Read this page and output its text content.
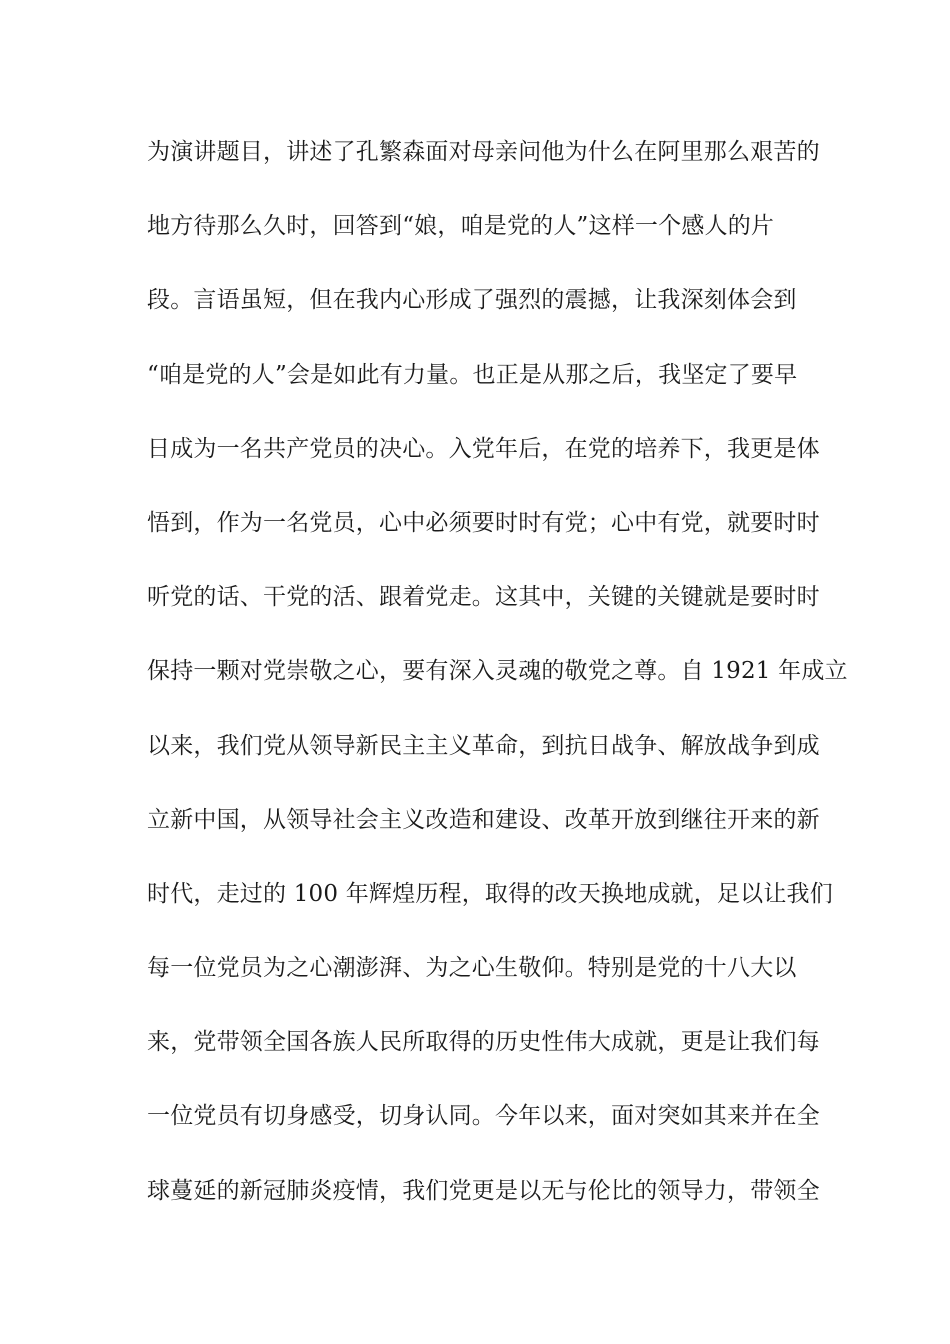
为演讲题目，讲述了孔繁森面对母亲问他为什么在阿里那么艰苦的
地方待那么久时，回答到“娘，咱是党的人”这样一个感人的片
段。言语虽短，但在我内心形成了强烈的震撼，让我深刻体会到
“咱是党的人”会是如此有力量。也正是从那之后，我坚定了要早
日成为一名共产党员的决心。入党年后，在党的培养下，我更是体
悟到，作为一名党员，心中必须要时时有党；心中有党，就要时时
听党的话、干党的活、跟着党走。这其中，关键的关键就是要时时
保持一颗对党崇敬之心，要有深入灵魂的敬党之尊。自 1921 年成立
以来，我们党从领导新民主主义革命，到抗日战争、解放战争到成
立新中国，从领导社会主义改造和建设、改革开放到继往开来的新
时代，走过的 100 年辉煌历程，取得的改天换地成就，足以让我们
每一位党员为之心潮澎湃、为之心生敬仰。特别是党的十八大以
来，党带领全国各族人民所取得的历史性伟大成就，更是让我们每
一位党员有切身感受，切身认同。今年以来，面对突如其来并在全
球蔓延的新冠肺炎疫情，我们党更是以无与伦比的领导力，带领全
